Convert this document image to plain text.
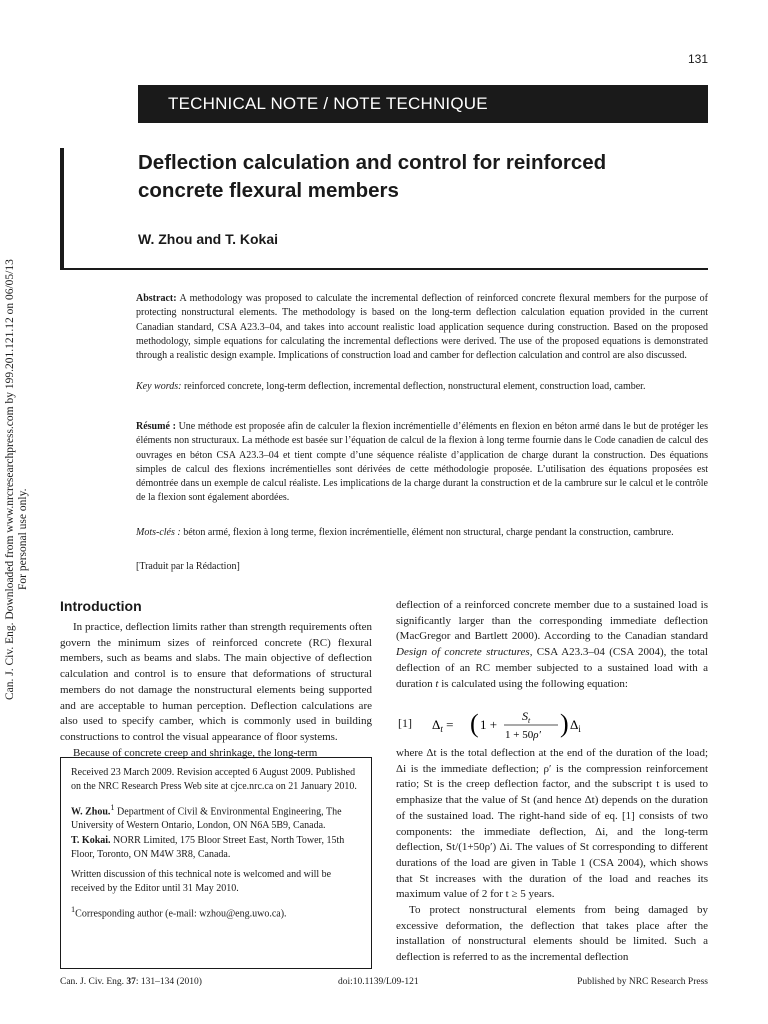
131
TECHNICAL NOTE / NOTE TECHNIQUE
Deflection calculation and control for reinforced
concrete flexural members
W. Zhou and T. Kokai
Can. J. Civ. Eng. Downloaded from www.nrcresearchpress.com by 199.201.121.12 on 06/05/13 For personal use only.
Abstract: A methodology was proposed to calculate the incremental deflection of reinforced concrete flexural members for the purpose of protecting nonstructural elements. The methodology is based on the long-term deflection calculation equation provided in the current Canadian standard, CSA A23.3–04, and takes into account realistic load application sequence during construction. Based on the proposed methodology, simple equations for calculating the incremental deflections were derived. The use of the proposed equations is demonstrated through a realistic design example. Implications of construction load and camber for deflection calculation and control are also discussed.
Key words: reinforced concrete, long-term deflection, incremental deflection, nonstructural element, construction load, camber.
Résumé : Une méthode est proposée afin de calculer la flexion incrémentielle d’éléments en flexion en béton armé dans le but de protéger les éléments non structuraux. La méthode est basée sur l’équation de calcul de la flexion à long terme fournie dans le Code canadien de calcul des ouvrages en béton CSA A23.3–04 et tient compte d’une séquence réaliste d’application de charge durant la construction. Des équations simples de calcul des flexions incrémentielles sont dérivées de cette méthodologie proposée. L’utilisation des équations proposées est démontrée dans un exemple de calcul réaliste. Les implications de la charge durant la construction et de la cambrure sur le calcul et le contrôle de la flexion sont également abordées.
Mots-clés : béton armé, flexion à long terme, flexion incrémentielle, élément non structural, charge pendant la construction, cambrure.
[Traduit par la Rédaction]
Introduction

In practice, deflection limits rather than strength requirements often govern the minimum sizes of reinforced concrete (RC) flexural members, such as beams and slabs. The main objective of deflection calculation and control is to ensure that deformations of structural members do not damage the nonstructural elements being supported and are acceptable to human perception. Deflection calculations are also used to specify camber, which is commonly used in building constructions to control the visual appearance of floor systems.

Because of concrete creep and shrinkage, the long-term

Received 23 March 2009. Revision accepted 6 August 2009. Published on the NRC Research Press Web site at cjce.nrc.ca on 21 January 2010.

W. Zhou.$^1$ Department of Civil & Environmental Engineering, The University of Western Ontario, London, ON N6A 5B9, Canada.

T. Kokai. NORR Limited, 175 Bloor Street East, North Tower, 15th Floor, Toronto, ON M4W 3R8, Canada.

Written discussion of this technical note is welcomed and will be received by the Editor until 31 May 2010.

$^1$Corresponding author (e-mail: wzhou@eng.uwo.ca).

deflection of a reinforced concrete member due to a sustained load is significantly larger than the corresponding immediate deflection (MacGregor and Bartlett 2000). According to the Canadian standard Design of concrete structures, CSA A23.3–04 (CSA 2004), the total deflection of an RC member subjected to a sustained load with a duration t is calculated using the following equation:

[1] $\Delta_t$ = ( 1 +
$S_t$
1 + 50ρ′ ) $\Delta_i$

where Δt is the total deflection at the end of the duration of the load; Δi is the immediate deflection; ρ′ is the compression reinforcement ratio; St is the creep deflection factor, and the subscript t is used to emphasize that the value of St (and hence Δt) depends on the duration of the sustained load. The right-hand side of eq. [1] consists of two components: the immediate deflection, Δi, and the long-term deflection, St/(1+50ρ′) Δi. The values of St corresponding to different durations of the load are given in Table 1 (CSA 2004), which shows that St increases with the duration of the load and reaches its maximum value of 2 for t ≥ 5 years.

To protect nonstructural elements from being damaged by excessive deformation, the deflection that takes place after the installation of nonstructural elements should be limited. Such a deflection is referred to as the incremental deflection

Can. J. Civ. Eng. 37: 131–134 (2010)	doi:10.1139/L09-121	Published by NRC Research Press
